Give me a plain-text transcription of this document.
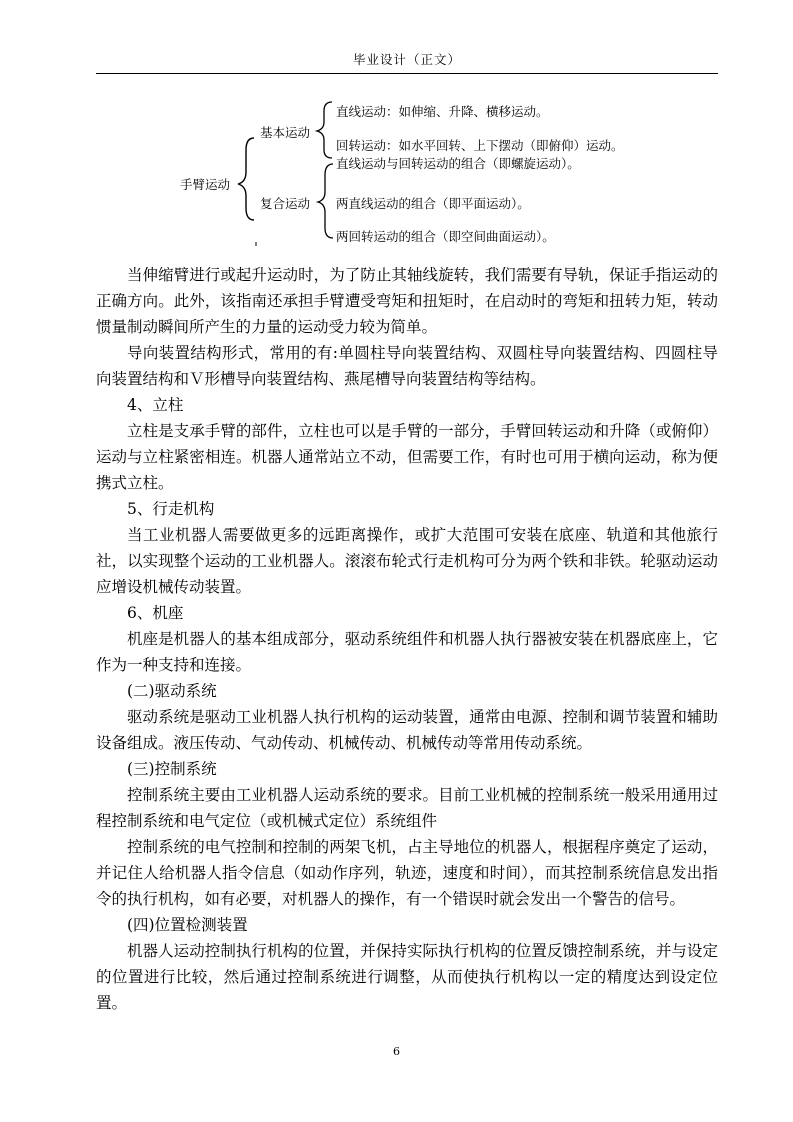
毕业设计（正文）
手臂运动
基本运动
复合运动
直线运动：如伸缩、升降、横移运动。
回转运动：如水平回转、上下摆动（即俯仰）运动。
直线运动与回转运动的组合（即螺旋运动）。
两直线运动的组合（即平面运动）。
两回转运动的组合（即空间曲面运动）。

当伸缩臂进行或起升运动时，为了防止其轴线旋转，我们需要有导轨，保证手指运动的正确方向。此外，该指南还承担手臂遭受弯矩和扭矩时，在启动时的弯矩和扭转力矩，转动惯量制动瞬间所产生的力量的运动受力较为简单。

导向装置结构形式，常用的有:单圆柱导向装置结构、双圆柱导向装置结构、四圆柱导向装置结构和Ｖ形槽导向装置结构、燕尾槽导向装置结构等结构。

4、立柱

立柱是支承手臂的部件，立柱也可以是手臂的一部分，手臂回转运动和升降（或俯仰）运动与立柱紧密相连。机器人通常站立不动，但需要工作，有时也可用于横向运动，称为便携式立柱。

5、行走机构

当工业机器人需要做更多的远距离操作，或扩大范围可安装在底座、轨道和其他旅行社，以实现整个运动的工业机器人。滚滚布轮式行走机构可分为两个铁和非铁。轮驱动运动应增设机械传动装置。

6、机座

机座是机器人的基本组成部分，驱动系统组件和机器人执行器被安装在机器底座上，它作为一种支持和连接。

(二)驱动系统

驱动系统是驱动工业机器人执行机构的运动装置，通常由电源、控制和调节装置和辅助设备组成。液压传动、气动传动、机械传动、机械传动等常用传动系统。

(三)控制系统

控制系统主要由工业机器人运动系统的要求。目前工业机械的控制系统一般采用通用过程控制系统和电气定位（或机械式定位）系统组件

控制系统的电气控制和控制的两架飞机，占主导地位的机器人，根据程序奠定了运动，并记住人给机器人指令信息（如动作序列，轨迹，速度和时间），而其控制系统信息发出指令的执行机构，如有必要，对机器人的操作，有一个错误时就会发出一个警告的信号。

(四)位置检测装置

机器人运动控制执行机构的位置，并保持实际执行机构的位置反馈控制系统，并与设定的位置进行比较，然后通过控制系统进行调整，从而使执行机构以一定的精度达到设定位置。

6
